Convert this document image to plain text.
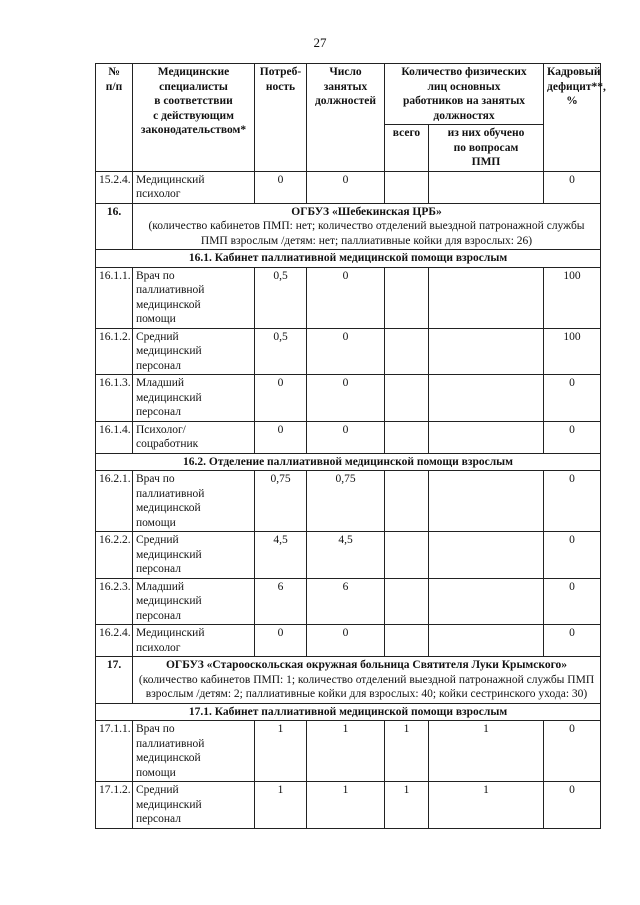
27
№
п/п	Медицинские
специалисты
в соответствии
с действующим
законодательством*	Потреб-
ность	Число
занятых
должностей	Количество физических
лиц основных
работников на занятых
должностях		Кадровый
дефицит**,
%
				всего	из них обучено
по вопросам
ПМП	
15.2.4.	Медицинский
психолог	0	0			0
16.	ОГБУЗ «Шебекинская ЦРБ»
(количество кабинетов ПМП: нет; количество отделений выездной патронажной службы ПМП взрослым /детям: нет; паллиативные койки для взрослых: 26)					

16.1. Кабинет паллиативной медицинской помощи взрослым						
16.1.1.	Врач по
паллиативной
медицинской
помощи	0,5	0			100
16.1.2.	Средний
медицинский
персонал	0,5	0			100
16.1.3.	Младший
медицинский
персонал	0	0			0
16.1.4.	Психолог/
соцработник	0	0			0
16.2. Отделение паллиативной медицинской помощи взрослым						
16.2.1.	Врач по
паллиативной
медицинской
помощи	0,75	0,75			0
16.2.2.	Средний
медицинский
персонал	4,5	4,5			0
16.2.3.	Младший
медицинский
персонал	6	6			0
16.2.4.	Медицинский
психолог	0	0			0
17.	ОГБУЗ «Старооскольская окружная больница Святителя Луки Крымского»
(количество кабинетов ПМП: 1; количество отделений выездной патронажной службы ПМП взрослым /детям: 2; паллиативные койки для взрослых: 40; койки сестринского ухода: 30)					

17.1. Кабинет паллиативной медицинской помощи взрослым						
17.1.1.	Врач по
паллиативной
медицинской
помощи	1	1	1	1	0
17.1.2.	Средний
медицинский
персонал	1	1	1	1	0
